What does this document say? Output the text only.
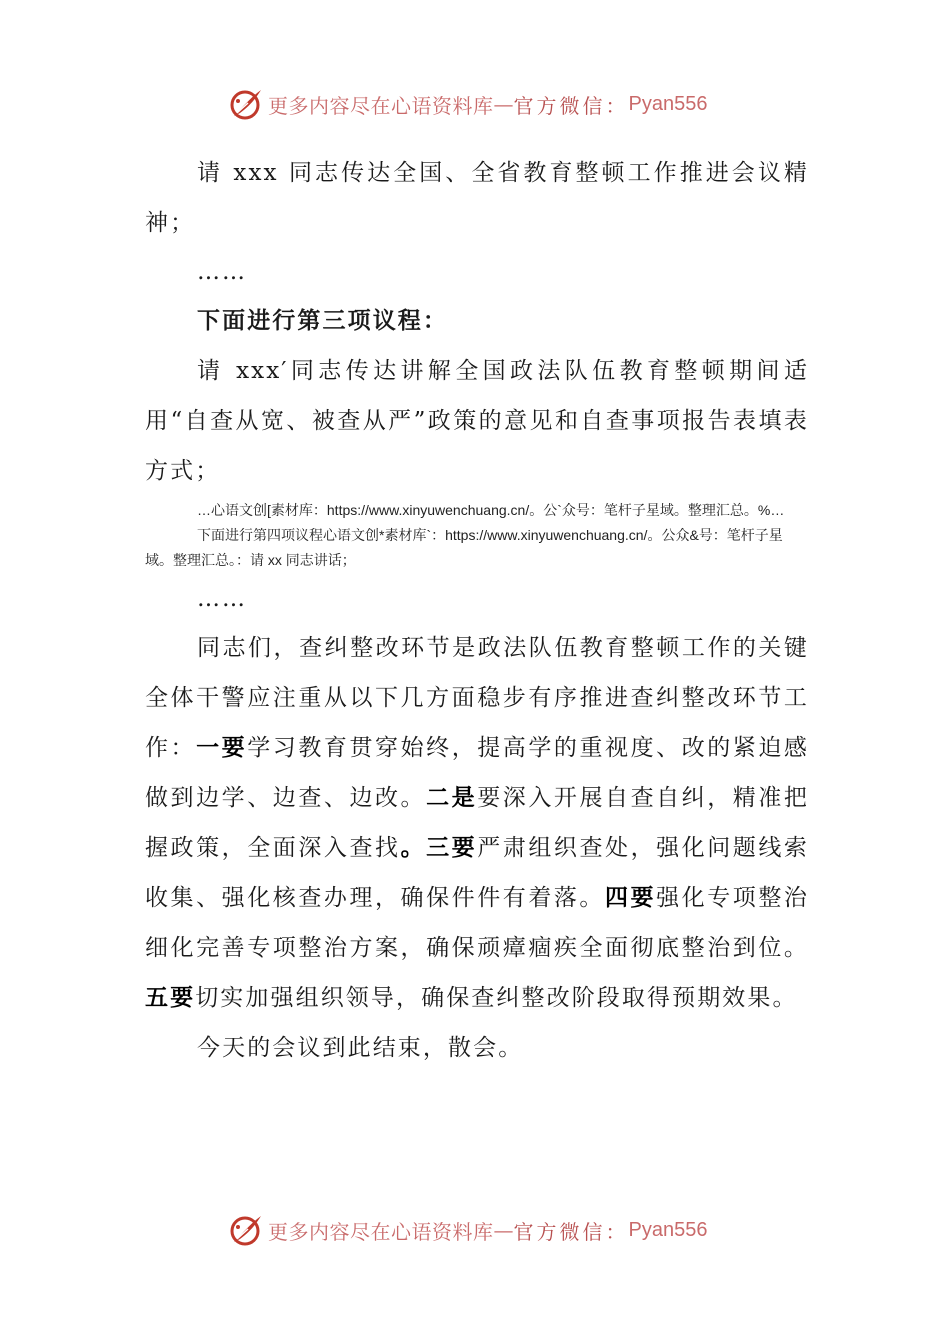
更多内容尽在心语资料库 — 官方微信： Pyan556

请 xxx 同志传达全国、全省教育整顿工作推进会议精神；

……

下面进行第三项议程：

请 xxx′同志传达讲解全国政法队伍教育整顿期间适用“自查从宽、被查从严”政策的意见和自查事项报告表填表方式；

…心语文创[素材库：https://www.xinyuwenchuang.cn/。公`众号：笔杆子星域。整理汇总。%…

下面进行第四项议程心语文创*素材库`：https://www.xinyuwenchuang.cn/。公众&号：笔杆子星域。整理汇总。：请 xx 同志讲话；

……

同志们，查纠整改环节是政法队伍教育整顿工作的关键全体干警应注重从以下几方面稳步有序推进查纠整改环节工作：一要学习教育贯穿始终，提高学的重视度、改的紧迫感做到边学、边查、边改。二是要深入开展自查自纠，精准把握政策，全面深入查找。三要严肃组织查处，强化问题线索收集、强化核查办理，确保件件有着落。四要强化专项整治细化完善专项整治方案，确保顽瘴痼疾全面彻底整治到位。五要切实加强组织领导，确保查纠整改阶段取得预期效果。

今天的会议到此结束，散会。

更多内容尽在心语资料库 — 官方微信： Pyan556
